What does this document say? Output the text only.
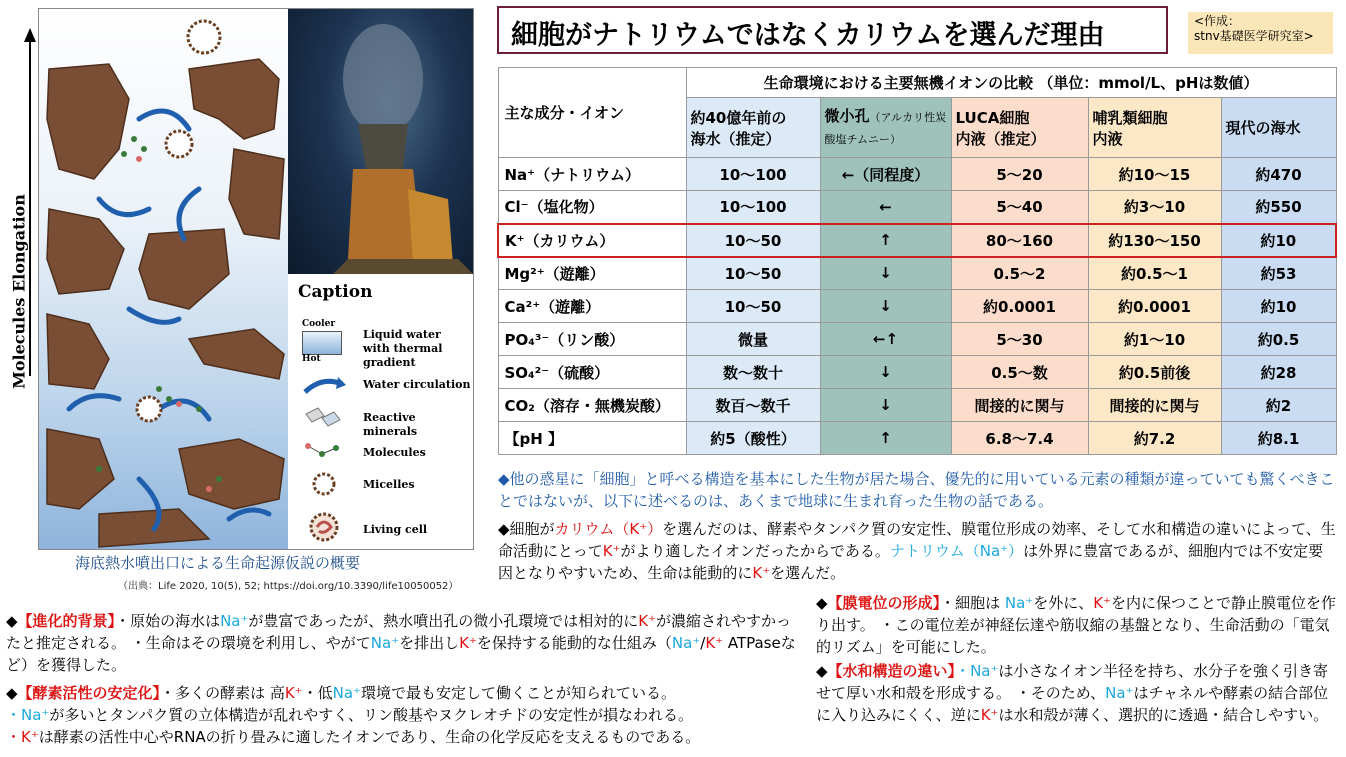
Caption
Cooler
Hot
Liquid water with thermal gradient
Water circulation
Reactive minerals
Molecules
Micelles
Living cell
Molecules Elongation
海底熱水噴出口による生命起源仮説の概要
（出典：Life 2020, 10(5), 52; https://doi.org/10.3390/life10050052）
細胞がナトリウムではなくカリウムを選んだ理由	<作成：
stnv基礎医学研究室>
主な成分・イオン	生命環境における主要無機イオンの比較 （単位：mmol/L、pHは数値）				
	約40億年前の
海水（推定）	微小孔（アルカリ性炭酸塩チムニー）	LUCA細胞
内液（推定）	哺乳類細胞
内液	現代の海水
Na⁺（ナトリウム）	10～100	←（同程度）	5～20	約10～15	約470
Cl⁻（塩化物）	10～100	←	5～40	約3～10	約550
K⁺（カリウム）	10～50	↑	80～160	約130～150	約10
Mg²⁺（遊離）	10～50	↓	0.5～2	約0.5～1	約53
Ca²⁺（遊離）	10～50	↓	約0.0001	約0.0001	約10
PO₄³⁻（リン酸）	微量	←↑	5～30	約1～10	約0.5
SO₄²⁻（硫酸）	数～数十	↓	0.5～数	約0.5前後	約28
CO₂（溶存・無機炭酸）	数百～数千	↓	間接的に関与	間接的に関与	約2
【pH 】	約5（酸性）	↑	6.8～7.4	約7.2	約8.1
◆他の惑星に「細胞」と呼べる構造を基本にした生物が居た場合、優先的に用いている元素の種類が違っていても驚くべきことではないが、以下に述べるのは、あくまで地球に生まれ育った生物の話である。
◆細胞がカリウム（K⁺）を選んだのは、酵素やタンパク質の安定性、膜電位形成の効率、そして水和構造の違いによって、生命活動にとってK⁺がより適したイオンだったからである。ナトリウム（Na⁺）は外界に豊富であるが、細胞内では不安定要因となりやすいため、生命は能動的にK⁺を選んだ。
◆【進化的背景】・原始の海水はNa⁺が豊富であったが、熱水噴出孔の微小孔環境では相対的にK⁺が濃縮されやすかったと推定される。 ・生命はその環境を利用し、やがてNa⁺を排出しK⁺を保持する能動的な仕組み（Na⁺/K⁺ ATPaseなど）を獲得した。
◆【酵素活性の安定化】・多くの酵素は 高K⁺・低Na⁺環境で最も安定して働くことが知られている。
・Na⁺が多いとタンパク質の立体構造が乱れやすく、リン酸基やヌクレオチドの安定性が損なわれる。
・K⁺は酵素の活性中心やRNAの折り畳みに適したイオンであり、生命の化学反応を支えるものである。
◆【膜電位の形成】・細胞は Na⁺を外に、K⁺を内に保つことで静止膜電位を作り出す。 ・この電位差が神経伝達や筋収縮の基盤となり、生命活動の「電気的リズム」を可能にした。
◆【水和構造の違い】・Na⁺は小さなイオン半径を持ち、水分子を強く引き寄せて厚い水和殻を形成する。 ・そのため、Na⁺はチャネルや酵素の結合部位に入り込みにくく、逆にK⁺は水和殻が薄く、選択的に透過・結合しやすい。
